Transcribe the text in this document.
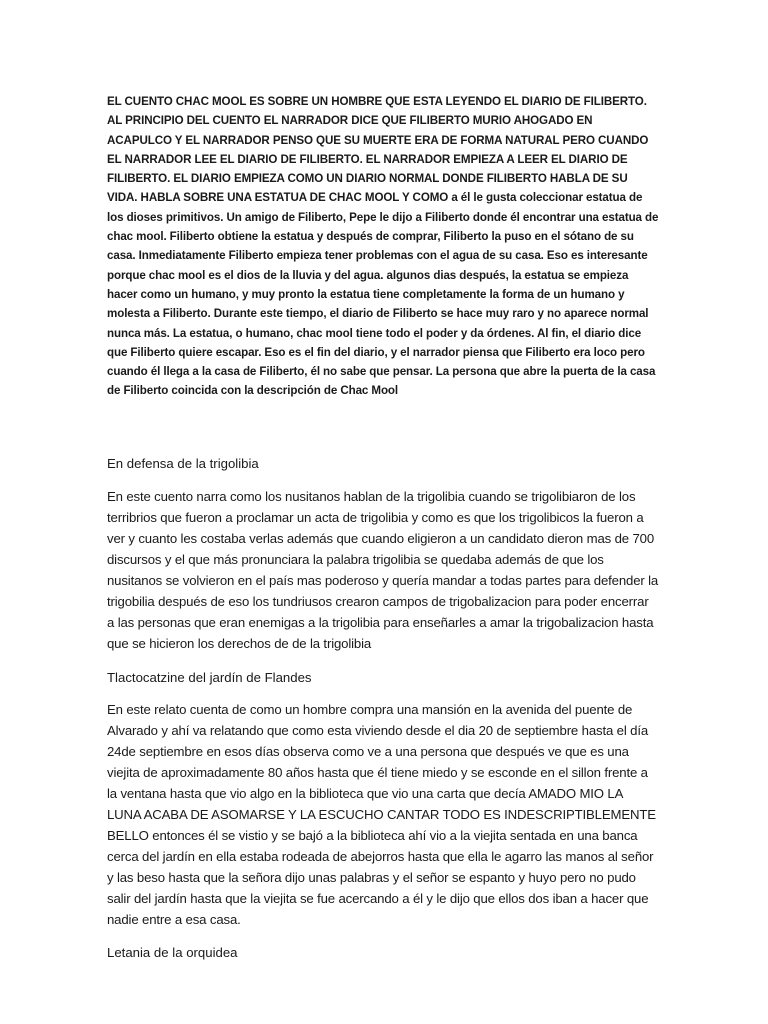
EL CUENTO CHAC MOOL ES SOBRE UN HOMBRE QUE ESTA LEYENDO EL DIARIO DE FILIBERTO. AL PRINCIPIO DEL CUENTO EL NARRADOR DICE QUE FILIBERTO MURIO AHOGADO EN ACAPULCO Y EL NARRADOR PENSO QUE SU MUERTE ERA DE FORMA NATURAL PERO CUANDO EL NARRADOR LEE EL DIARIO DE FILIBERTO. EL NARRADOR EMPIEZA A LEER EL DIARIO DE FILIBERTO. EL DIARIO EMPIEZA COMO UN DIARIO NORMAL DONDE FILIBERTO HABLA DE SU VIDA. HABLA SOBRE UNA ESTATUA DE CHAC MOOL Y COMO a él le gusta coleccionar estatua de los dioses primitivos. Un amigo de Filiberto, Pepe le dijo a Filiberto donde él encontrar una estatua de chac mool. Filiberto obtiene la estatua y después de comprar, Filiberto la puso en el sótano de su casa. Inmediatamente Filiberto empieza tener problemas con el agua de su casa. Eso es interesante porque chac mool es el dios de la lluvia y del agua. algunos dias después, la estatua se empieza hacer como un humano, y muy pronto la estatua tiene completamente la forma de un humano y molesta a Filiberto. Durante este tiempo, el diario de Filiberto se hace muy raro y no aparece normal nunca más. La estatua, o humano, chac mool tiene todo el poder y da órdenes. Al fin, el diario dice que Filiberto quiere escapar. Eso es el fin del diario, y el narrador piensa que Filiberto era loco pero cuando él llega a la casa de Filiberto, él no sabe que pensar. La persona que abre la puerta de la casa de Filiberto coincida con la descripción de Chac Mool

En defensa de la trigolibia

En este cuento narra como los nusitanos hablan de la trigolibia cuando se trigolibiaron de los terribrios que fueron a proclamar un acta de trigolibia y como es que los trigolibicos la fueron a ver y cuanto les costaba verlas además que cuando eligieron a un candidato dieron mas de 700 discursos y el que más pronunciara la palabra trigolibia se quedaba además de que los nusitanos se volvieron en el país mas poderoso y quería mandar a todas partes para defender la trigobilia después de eso los tundriusos crearon campos de trigobalizacion para poder encerrar a las personas que eran enemigas a la trigolibia para enseñarles a amar la trigobalizacion hasta que se hicieron los derechos de de la trigolibia

Tlactocatzine del jardín de Flandes

En este relato cuenta de como un hombre compra una mansión en la avenida del puente de Alvarado y ahí va relatando que como esta viviendo desde el dia 20 de septiembre hasta el día 24de septiembre en esos días observa como ve a una persona que después ve que es una viejita de aproximadamente 80 años hasta que él tiene miedo y se esconde en el sillon frente a la ventana hasta que vio algo en la biblioteca que vio una carta que decía AMADO MIO LA LUNA ACABA DE ASOMARSE Y LA ESCUCHO CANTAR TODO ES INDESCRIPTIBLEMENTE BELLO entonces él se vistio y se bajó a la biblioteca ahí vio a la viejita sentada en una banca cerca del jardín en ella estaba rodeada de abejorros hasta que ella le agarro las manos al señor y las beso hasta que la señora dijo unas palabras y el señor se espanto y huyo pero no pudo salir del jardín hasta que la viejita se fue acercando a él y le dijo que ellos dos iban a hacer que nadie entre a esa casa.

Letania de la orquidea
